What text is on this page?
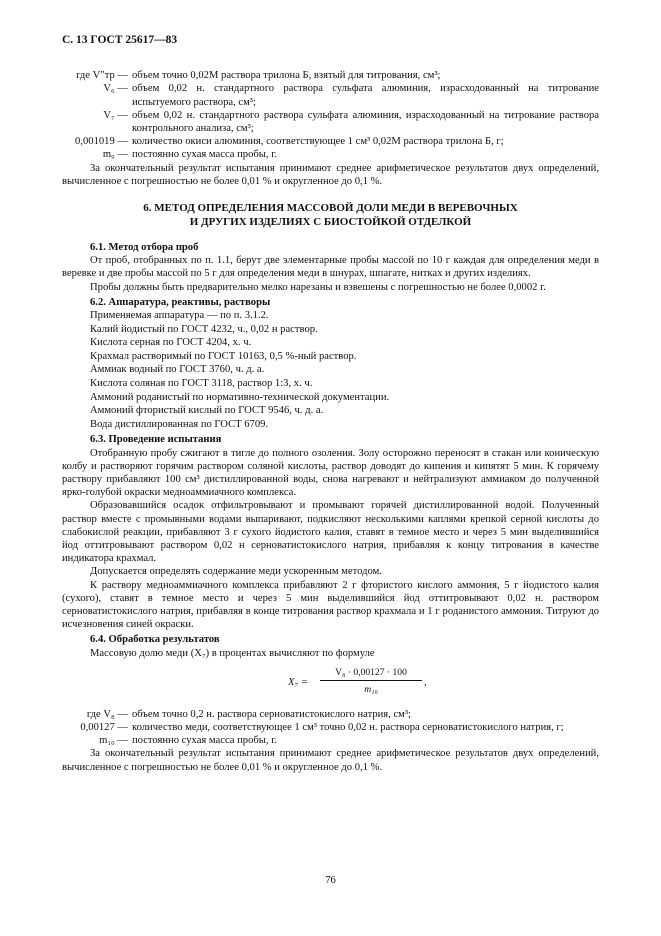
С. 13 ГОСТ 25617—83
где V″тр — объем точно 0,02М раствора трилона Б, взятый для титрования, см³;
V₆ — объем 0,02 н. стандартного раствора сульфата алюминия, израсходованный на титрование испытуемого раствора, см³;
V₇ — объем 0,02 н. стандартного раствора сульфата алюминия, израсходованный на титрование раствора контрольного анализа, см³;
0,001019 — количество окиси алюминия, соответствующее 1 см³ 0,02М раствора трилона Б, г;
m₉ — постоянно сухая масса пробы, г.

За окончательный результат испытания принимают среднее арифметическое результатов двух определений, вычисленное с погрешностью не более 0,01 % и округленное до 0,1 %.

6. МЕТОД ОПРЕДЕЛЕНИЯ МАССОВОЙ ДОЛИ МЕДИ В ВЕРЕВОЧНЫХ
И ДРУГИХ ИЗДЕЛИЯХ С БИОСТОЙКОЙ ОТДЕЛКОЙ
6.1. Метод отбора проб

От проб, отобранных по п. 1.1, берут две элементарные пробы массой по 10 г каждая для определения меди в веревке и две пробы массой по 5 г для определения меди в шнурах, шпагате, нитках и других изделиях.

Пробы должны быть предварительно мелко нарезаны и взвешены с погрешностью не более 0,0002 г.

6.2. Аппаратура, реактивы, растворы
Применяемая аппаратура — по п. 3.1.2.
Калий йодистый по ГОСТ 4232, ч., 0,02 н раствор.
Кислота серная по ГОСТ 4204, х. ч.
Крахмал растворимый по ГОСТ 10163, 0,5 %-ный раствор.
Аммиак водный по ГОСТ 3760, ч. д. а.
Кислота соляная по ГОСТ 3118, раствор 1:3, х. ч.
Аммоний роданистый по нормативно-технической документации.
Аммоний фтористый кислый по ГОСТ 9546, ч. д. а.
Вода дистиллированная по ГОСТ 6709.
6.3. Проведение испытания

Отобранную пробу сжигают в тигле до полного озоления. Золу осторожно переносят в стакан или коническую колбу и растворяют горячим раствором соляной кислоты, раствор доводят до кипения и кипятят 5 мин. К горячему раствору прибавляют 100 см³ дистиллированной воды, снова нагревают и нейтрализуют аммиаком до полученной ярко-голубой окраски медноаммиачного комплекса.

Образовавшийся осадок отфильтровывают и промывают горячей дистиллированной водой. Полученный раствор вместе с промывными водами выпаривают, подкисляют несколькими каплями крепкой серной кислоты до слабокислой реакции, прибавляют 3 г сухого йодистого калия, ставят в темное место и через 5 мин выделившийся йод оттитровывают раствором 0,02 н серноватистокислого натрия, прибавляя к концу титрования в качестве индикатора крахмал.

Допускается определять содержание меди ускоренным методом.

К раствору медноаммиачного комплекса прибавляют 2 г фтористого кислого аммония, 5 г йодистого калия (сухого), ставят в темное место и через 5 мин выделившийся йод оттитровывают 0,02 н. раствором серноватистокислого натрия, прибавляя в конце титрования раствор крахмала и 1 г роданистого аммония. Титруют до исчезновения синей окраски.

6.4. Обработка результатов

Массовую долю меди (X₇) в процентах вычисляют по формуле

$X_7 = \frac{\text{V₈ · 0,00127 · 100}}{\text{m₁₀}}$ ,
где V₈ — объем точно 0,2 н. раствора серноватистокислого натрия, см³;
0,00127 — количество меди, соответствующее 1 см³ точно 0,02 н. раствора серноватистокислого натрия, г;
m₁₀ — постоянно сухая масса пробы, г.

За окончательный результат испытания принимают среднее арифметическое результатов двух определений, вычисленное с погрешностью не более 0,01 % и округленное до 0,1 %.

76
